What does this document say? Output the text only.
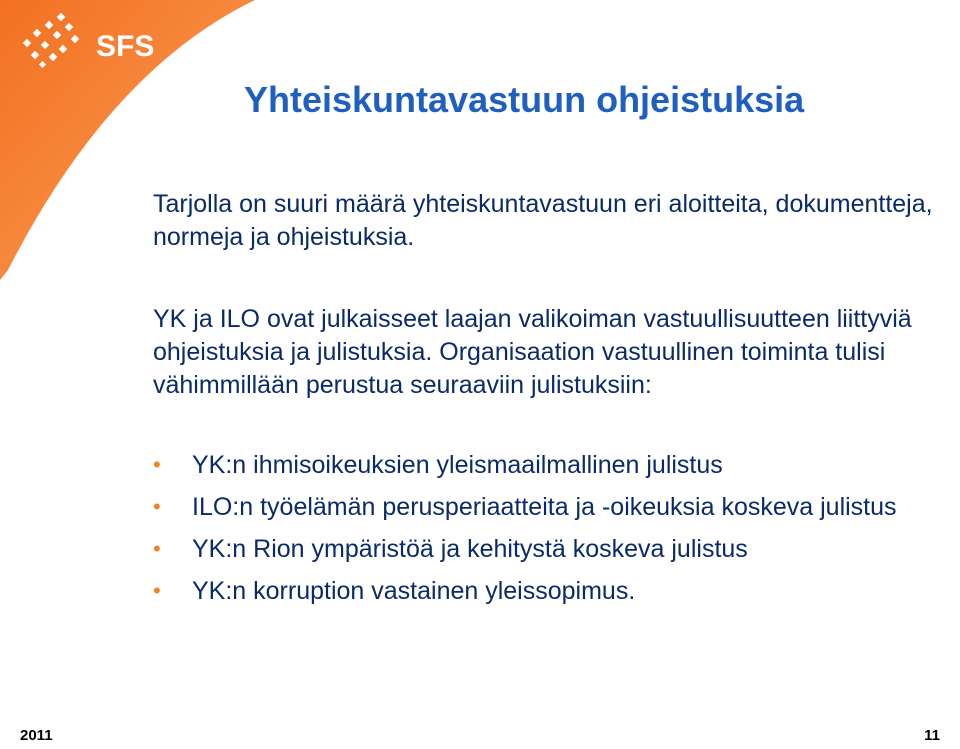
SFS
Yhteiskuntavastuun ohjeistuksia

Tarjolla on suuri määrä yhteiskuntavastuun eri aloitteita, dokumentteja, normeja ja ohjeistuksia.

YK ja ILO ovat julkaisseet laajan valikoiman vastuullisuutteen liittyviä ohjeistuksia ja julistuksia. Organisaation vastuullinen toiminta tulisi vähimmillään perustua seuraaviin julistuksiin:

• YK:n ihmisoikeuksien yleismaailmallinen julistus
• ILO:n työelämän perusperiaatteita ja -oikeuksia koskeva julistus
• YK:n Rion ympäristöä ja kehitystä koskeva julistus
• YK:n korruption vastainen yleissopimus.
2011	11
